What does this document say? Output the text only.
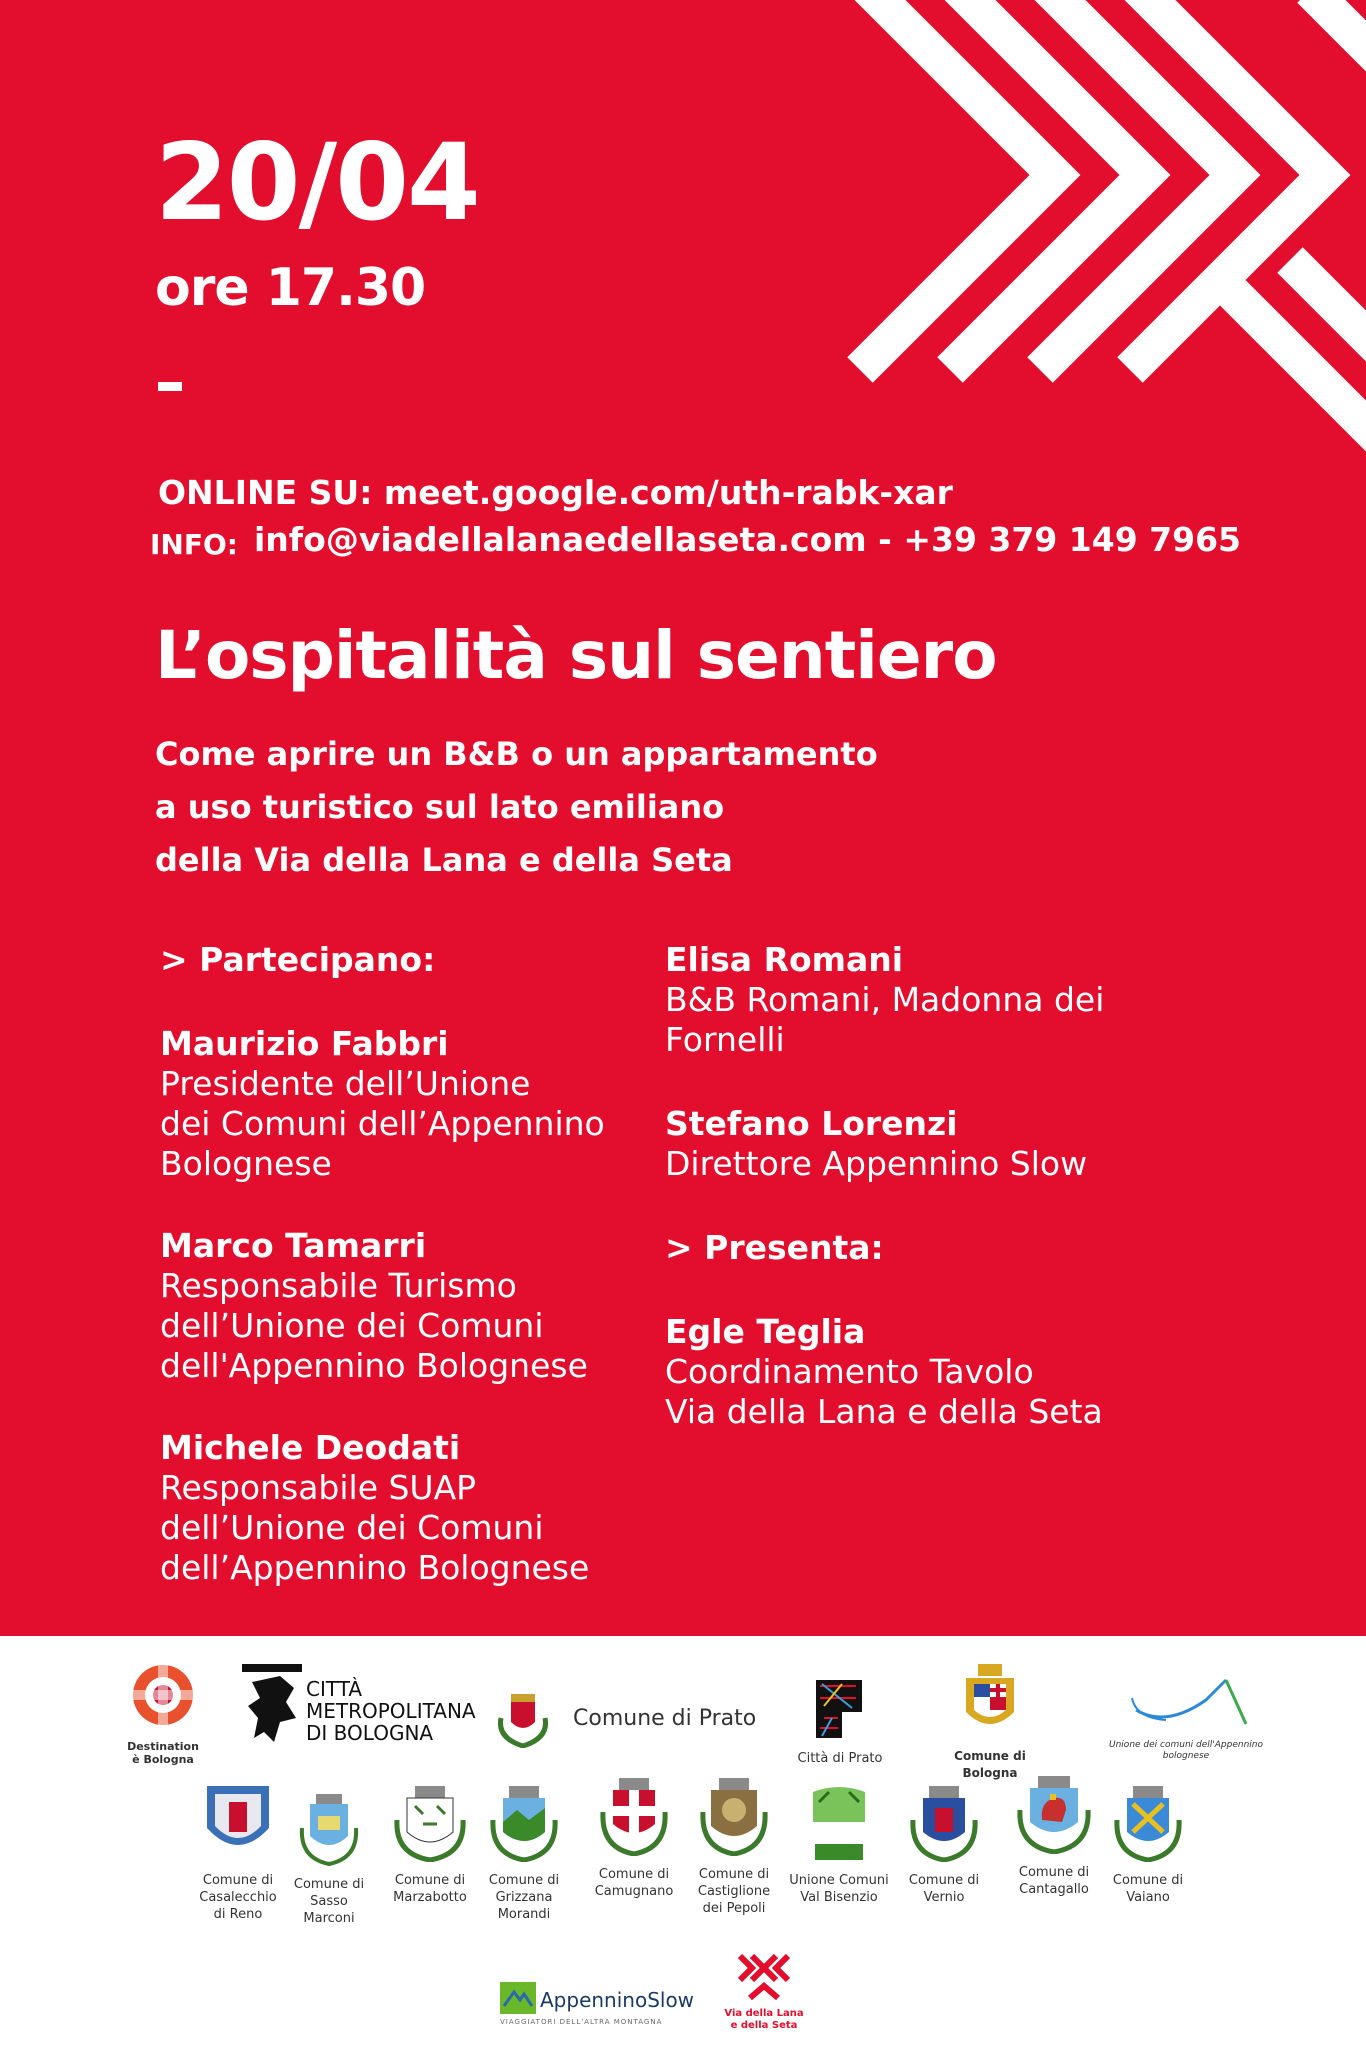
20/04
ore 17.30
ONLINE SU: meet.google.com/uth-rabk-xar
INFO: info@viadellalanaedellaseta.com - +39 379 149 7965
L’ospitalità sul sentiero
Come aprire un B&B o un appartamento
a uso turistico sul lato emiliano
della Via della Lana e della Seta
> Partecipano:
Maurizio Fabbri
Presidente dell’Unione
dei Comuni dell’Appennino
Bolognese
Marco Tamarri
Responsabile Turismo
dell’Unione dei Comuni
dell'Appennino Bolognese
Michele Deodati
Responsabile SUAP
dell’Unione dei Comuni
dell’Appennino Bolognese
Elisa Romani
B&B Romani, Madonna dei
Fornelli
Stefano Lorenzi
Direttore Appennino Slow
> Presenta:
Egle Teglia
Coordinamento Tavolo
Via della Lana e della Seta
Destination
è Bologna
CITTÀ
METROPOLITANA
DI BOLOGNA
Comune di Prato
Città di Prato	Comune di Bologna
Unione dei comuni dell'Appennino bolognese
Comune di
Casalecchio
di Reno
Comune di
Sasso
Marconi
Comune di
Marzabotto
Comune di
Grizzana
Morandi
Comune di
Camugnano
Comune di
Castiglione
dei Pepoli
Unione Comuni
Val Bisenzio
Comune di
Vernio
Comune di
Cantagallo
Comune di
Vaiano
AppenninoSlow
VIAGGIATORI DELL'ALTRA MONTAGNA
Via della Lana
e della Seta
